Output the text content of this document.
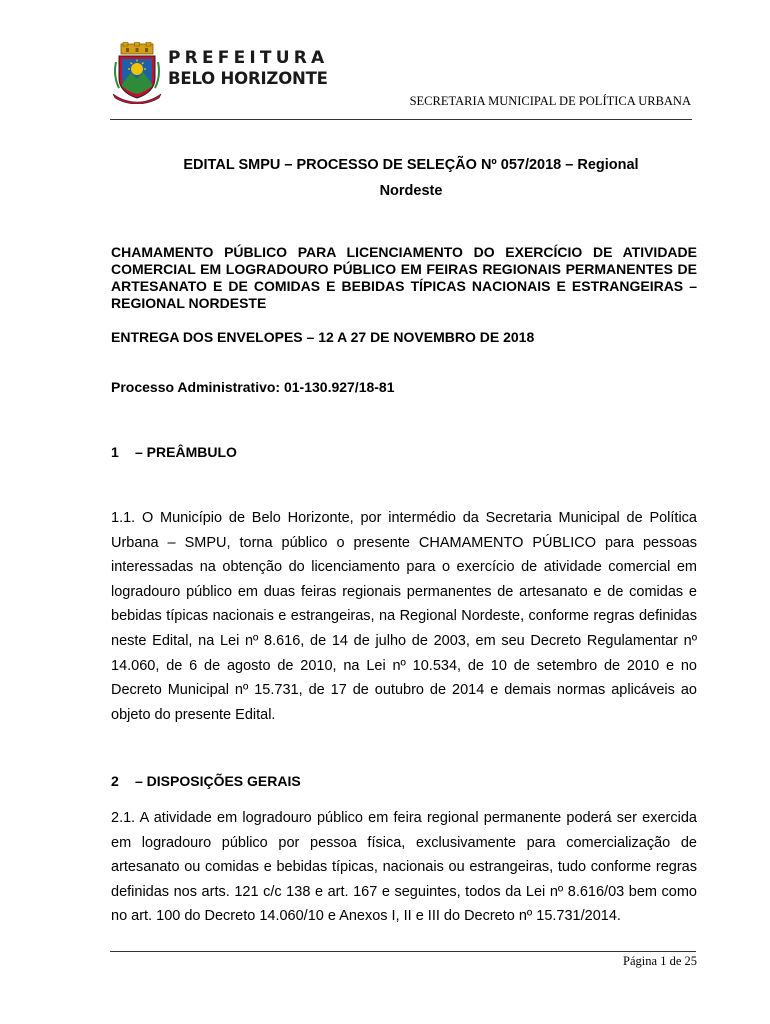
PREFEITURA
BELO HORIZONTE
SECRETARIA MUNICIPAL DE POLÍTICA URBANA
EDITAL SMPU – PROCESSO DE SELEÇÃO Nº 057/2018 – Regional
Nordeste
CHAMAMENTO PÚBLICO PARA LICENCIAMENTO DO EXERCÍCIO DE ATIVIDADE COMERCIAL EM LOGRADOURO PÚBLICO EM FEIRAS REGIONAIS PERMANENTES DE ARTESANATO E DE COMIDAS E BEBIDAS TÍPICAS NACIONAIS E ESTRANGEIRAS – REGIONAL NORDESTE
ENTREGA DOS ENVELOPES – 12 A 27 DE NOVEMBRO DE 2018
Processo Administrativo: 01-130.927/18-81
1 – PREÂMBULO
1.1. O Município de Belo Horizonte, por intermédio da Secretaria Municipal de Política Urbana – SMPU, torna público o presente CHAMAMENTO PÚBLICO para pessoas interessadas na obtenção do licenciamento para o exercício de atividade comercial em logradouro público em duas feiras regionais permanentes de artesanato e de comidas e bebidas típicas nacionais e estrangeiras, na Regional Nordeste, conforme regras definidas neste Edital, na Lei nº 8.616, de 14 de julho de 2003, em seu Decreto Regulamentar nº 14.060, de 6 de agosto de 2010, na Lei nº 10.534, de 10 de setembro de 2010 e no Decreto Municipal nº 15.731, de 17 de outubro de 2014 e demais normas aplicáveis ao objeto do presente Edital.
2 – DISPOSIÇÕES GERAIS
2.1. A atividade em logradouro público em feira regional permanente poderá ser exercida em logradouro público por pessoa física, exclusivamente para comercialização de artesanato ou comidas e bebidas típicas, nacionais ou estrangeiras, tudo conforme regras definidas nos arts. 121 c/c 138 e art. 167 e seguintes, todos da Lei nº 8.616/03 bem como no art. 100 do Decreto 14.060/10 e Anexos I, II e III do Decreto nº 15.731/2014.
Página 1 de 25
